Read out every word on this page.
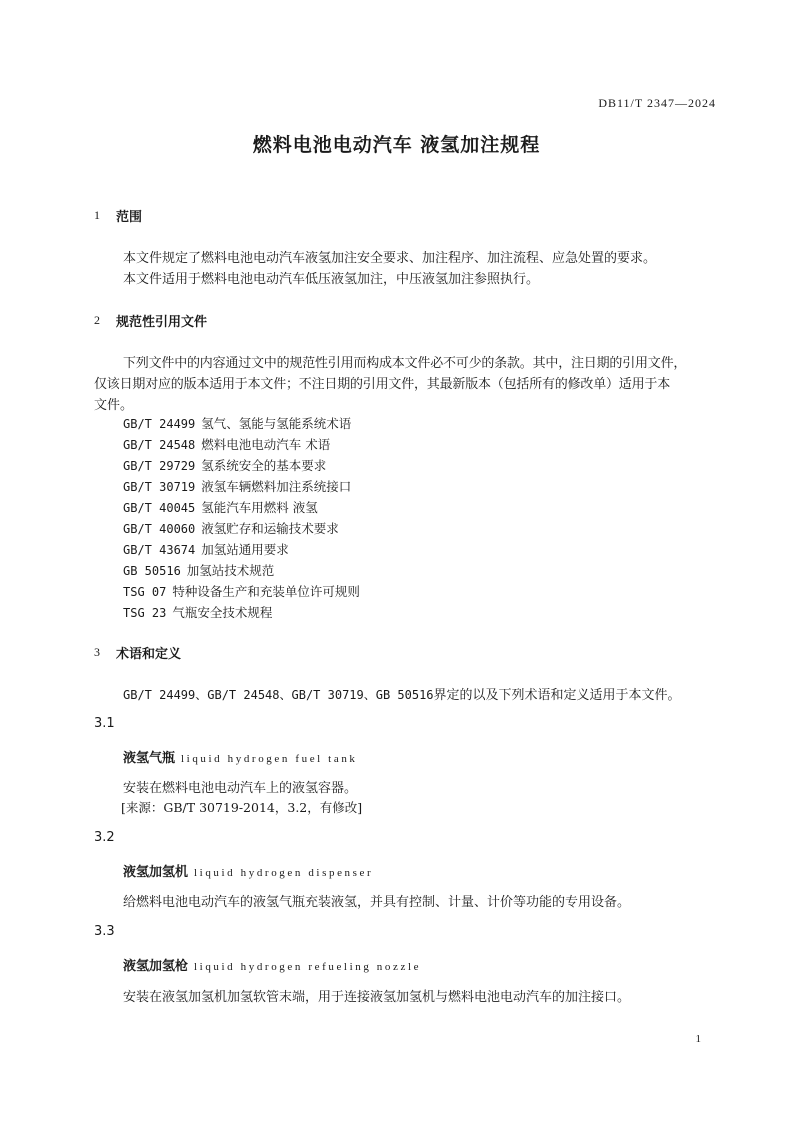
DB11/T 2347—2024
燃料电池电动汽车 液氢加注规程
1 范围
本文件规定了燃料电池电动汽车液氢加注安全要求、加注程序、加注流程、应急处置的要求。
本文件适用于燃料电池电动汽车低压液氢加注，中压液氢加注参照执行。
2 规范性引用文件
下列文件中的内容通过文中的规范性引用而构成本文件必不可少的条款。其中，注日期的引用文件，
仅该日期对应的版本适用于本文件；不注日期的引用文件，其最新版本（包括所有的修改单）适用于本
文件。
GB/T 24499 氢气、氢能与氢能系统术语
GB/T 24548 燃料电池电动汽车 术语
GB/T 29729 氢系统安全的基本要求
GB/T 30719 液氢车辆燃料加注系统接口
GB/T 40045 氢能汽车用燃料 液氢
GB/T 40060 液氢贮存和运输技术要求
GB/T 43674 加氢站通用要求
GB 50516 加氢站技术规范
TSG 07 特种设备生产和充装单位许可规则
TSG 23 气瓶安全技术规程
3 术语和定义
GB/T 24499、GB/T 24548、GB/T 30719、GB 50516界定的以及下列术语和定义适用于本文件。
3.1
液氢气瓶 liquid hydrogen fuel tank
安装在燃料电池电动汽车上的液氢容器。
[来源：GB/T 30719-2014，3.2，有修改]
3.2
液氢加氢机 liquid hydrogen dispenser
给燃料电池电动汽车的液氢气瓶充装液氢，并具有控制、计量、计价等功能的专用设备。
3.3
液氢加氢枪 liquid hydrogen refueling nozzle
安装在液氢加氢机加氢软管末端，用于连接液氢加氢机与燃料电池电动汽车的加注接口。
1
